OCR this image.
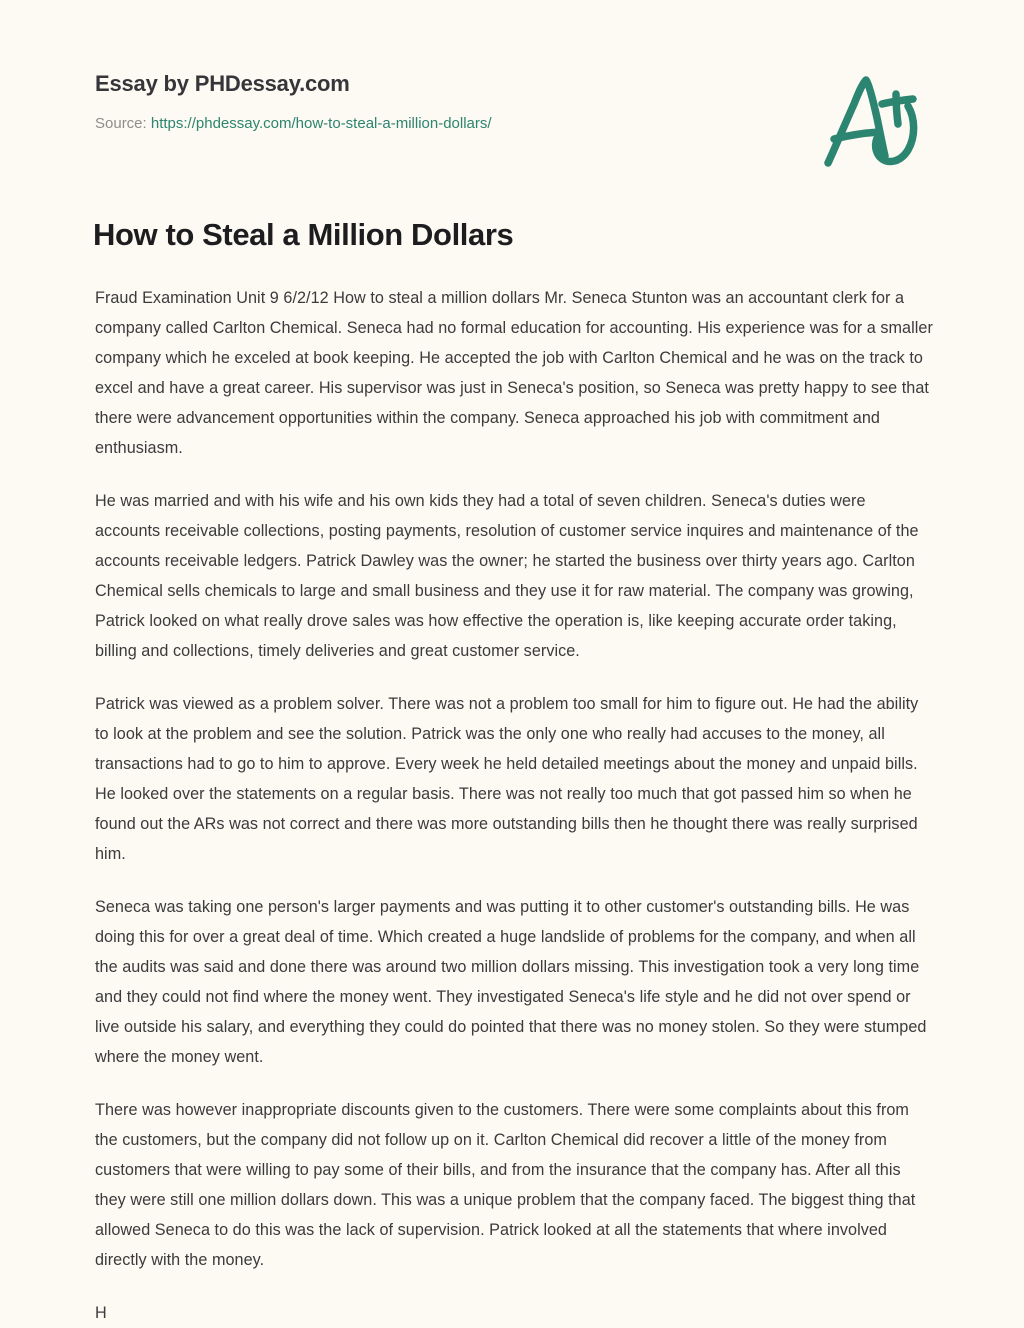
Essay by PHDessay.com
Source: https://phdessay.com/how-to-steal-a-million-dollars/
How to Steal a Million Dollars

Fraud Examination Unit 9 6/2/12 How to steal a million dollars Mr. Seneca Stunton was an accountant clerk for a company called Carlton Chemical. Seneca had no formal education for accounting. His experience was for a smaller company which he exceled at book keeping. He accepted the job with Carlton Chemical and he was on the track to excel and have a great career. His supervisor was just in Seneca's position, so Seneca was pretty happy to see that there were advancement opportunities within the company. Seneca approached his job with commitment and enthusiasm.

He was married and with his wife and his own kids they had a total of seven children. Seneca's duties were accounts receivable collections, posting payments, resolution of customer service inquires and maintenance of the accounts receivable ledgers. Patrick Dawley was the owner; he started the business over thirty years ago. Carlton Chemical sells chemicals to large and small business and they use it for raw material. The company was growing, Patrick looked on what really drove sales was how effective the operation is, like keeping accurate order taking, billing and collections, timely deliveries and great customer service.

Patrick was viewed as a problem solver. There was not a problem too small for him to figure out. He had the ability to look at the problem and see the solution. Patrick was the only one who really had accuses to the money, all transactions had to go to him to approve. Every week he held detailed meetings about the money and unpaid bills. He looked over the statements on a regular basis. There was not really too much that got passed him so when he found out the ARs was not correct and there was more outstanding bills then he thought there was really surprised him.

Seneca was taking one person's larger payments and was putting it to other customer's outstanding bills. He was doing this for over a great deal of time. Which created a huge landslide of problems for the company, and when all the audits was said and done there was around two million dollars missing. This investigation took a very long time and they could not find where the money went. They investigated Seneca's life style and he did not over spend or live outside his salary, and everything they could do pointed that there was no money stolen. So they were stumped where the money went.

There was however inappropriate discounts given to the customers. There were some complaints about this from the customers, but the company did not follow up on it. Carlton Chemical did recover a little of the money from customers that were willing to pay some of their bills, and from the insurance that the company has. After all this they were still one million dollars down. This was a unique problem that the company faced. The biggest thing that allowed Seneca to do this was the lack of supervision. Patrick looked at all the statements that where involved directly with the money.

H
